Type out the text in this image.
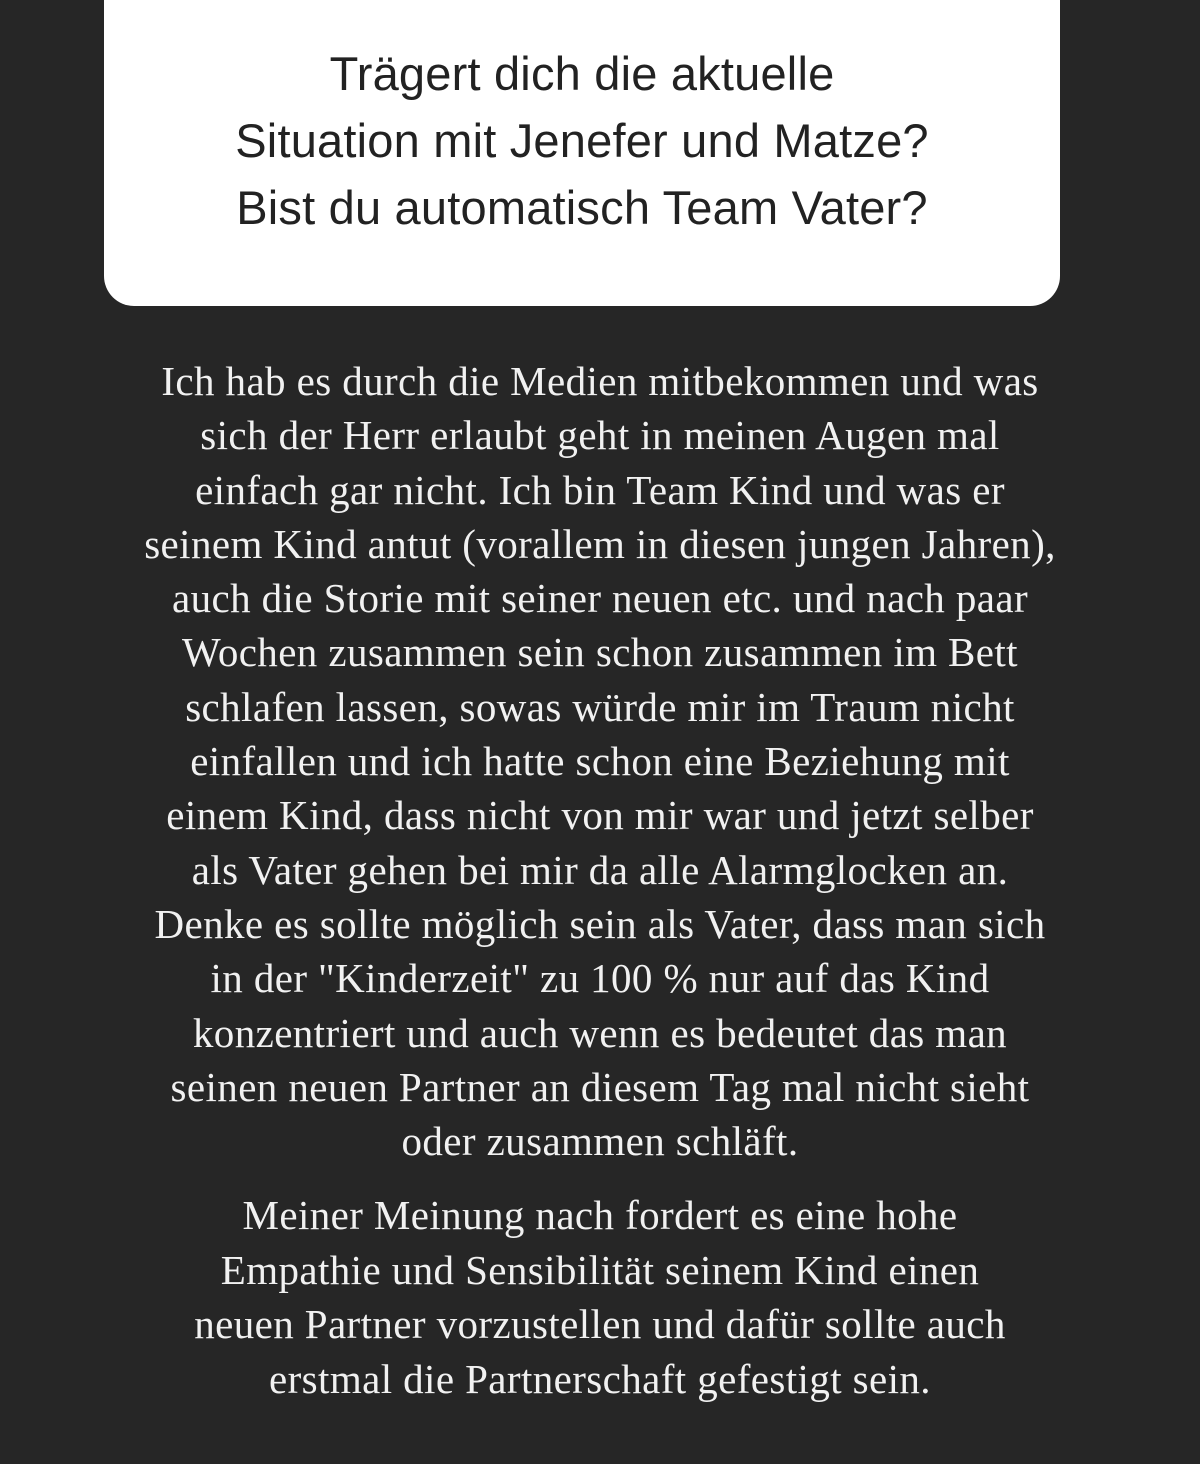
Trägert dich die aktuelle
Situation mit Jenefer und Matze?
Bist du automatisch Team Vater?

Ich hab es durch die Medien mitbekommen und was
sich der Herr erlaubt geht in meinen Augen mal
einfach gar nicht. Ich bin Team Kind und was er
seinem Kind antut (vorallem in diesen jungen Jahren),
auch die Storie mit seiner neuen etc. und nach paar
Wochen zusammen sein schon zusammen im Bett
schlafen lassen, sowas würde mir im Traum nicht
einfallen und ich hatte schon eine Beziehung mit
einem Kind, dass nicht von mir war und jetzt selber
als Vater gehen bei mir da alle Alarmglocken an.
Denke es sollte möglich sein als Vater, dass man sich
in der "Kinderzeit" zu 100 % nur auf das Kind
konzentriert und auch wenn es bedeutet das man
seinen neuen Partner an diesem Tag mal nicht sieht
oder zusammen schläft.

Meiner Meinung nach fordert es eine hohe
Empathie und Sensibilität seinem Kind einen
neuen Partner vorzustellen und dafür sollte auch
erstmal die Partnerschaft gefestigt sein.
